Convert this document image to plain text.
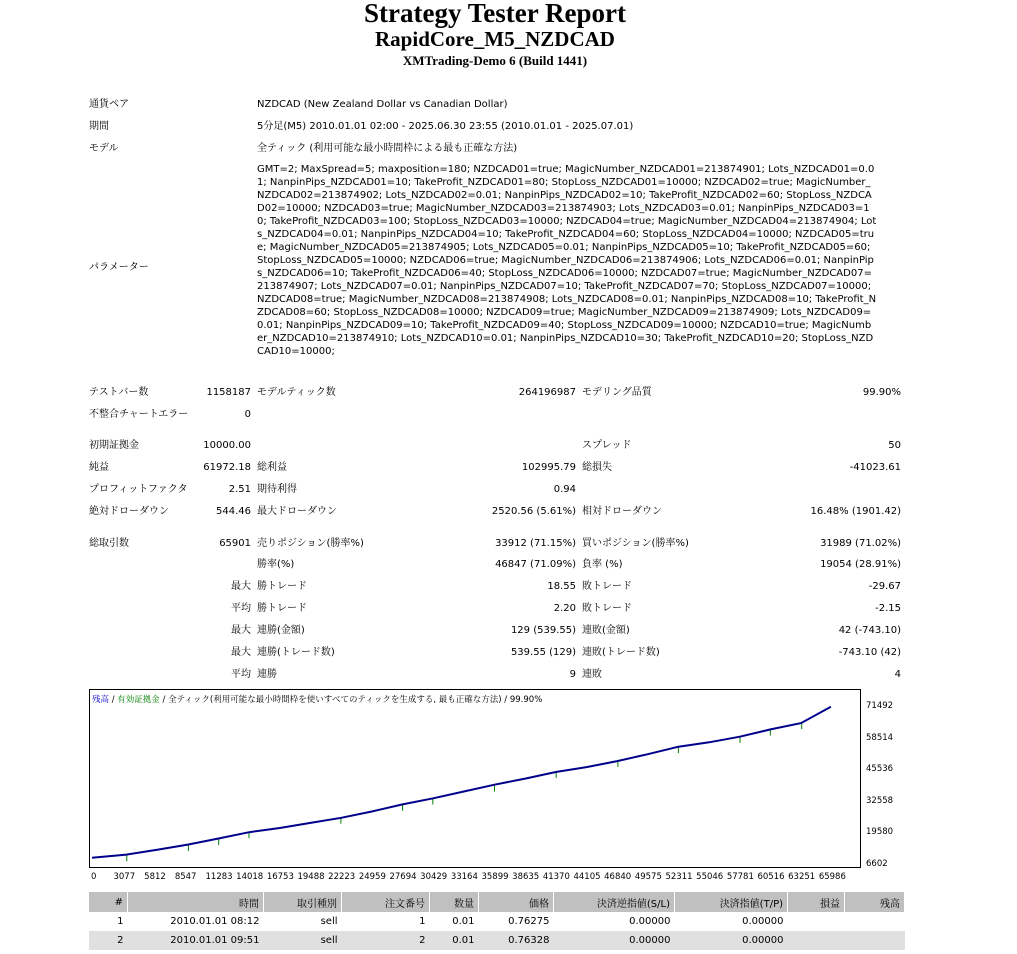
Strategy Tester Report
RapidCore_M5_NZDCAD
XMTrading-Demo 6 (Build 1441)
通貨ペア	NZDCAD (New Zealand Dollar vs Canadian Dollar)
期間	5分足(M5) 2010.01.01 02:00 - 2025.06.30 23:55 (2010.01.01 - 2025.07.01)
モデル	全ティック (利用可能な最小時間枠による最も正確な方法)
パラメーター
GMT=2; MaxSpread=5; maxposition=180; NZDCAD01=true; MagicNumber_NZDCAD01=213874901; Lots_NZDCAD01=0.01; NanpinPips_NZDCAD01=10; TakeProfit_NZDCAD01=80; StopLoss_NZDCAD01=10000; NZDCAD02=true; MagicNumber_NZDCAD02=213874902; Lots_NZDCAD02=0.01; NanpinPips_NZDCAD02=10; TakeProfit_NZDCAD02=60; StopLoss_NZDCAD02=10000; NZDCAD03=true; MagicNumber_NZDCAD03=213874903; Lots_NZDCAD03=0.01; NanpinPips_NZDCAD03=10; TakeProfit_NZDCAD03=100; StopLoss_NZDCAD03=10000; NZDCAD04=true; MagicNumber_NZDCAD04=213874904; Lots_NZDCAD04=0.01; NanpinPips_NZDCAD04=10; TakeProfit_NZDCAD04=60; StopLoss_NZDCAD04=10000; NZDCAD05=true; MagicNumber_NZDCAD05=213874905; Lots_NZDCAD05=0.01; NanpinPips_NZDCAD05=10; TakeProfit_NZDCAD05=60; StopLoss_NZDCAD05=10000; NZDCAD06=true; MagicNumber_NZDCAD06=213874906; Lots_NZDCAD06=0.01; NanpinPips_NZDCAD06=10; TakeProfit_NZDCAD06=40; StopLoss_NZDCAD06=10000; NZDCAD07=true; MagicNumber_NZDCAD07=213874907; Lots_NZDCAD07=0.01; NanpinPips_NZDCAD07=10; TakeProfit_NZDCAD07=70; StopLoss_NZDCAD07=10000; NZDCAD08=true; MagicNumber_NZDCAD08=213874908; Lots_NZDCAD08=0.01; NanpinPips_NZDCAD08=10; TakeProfit_NZDCAD08=60; StopLoss_NZDCAD08=10000; NZDCAD09=true; MagicNumber_NZDCAD09=213874909; Lots_NZDCAD09=0.01; NanpinPips_NZDCAD09=10; TakeProfit_NZDCAD09=40; StopLoss_NZDCAD09=10000; NZDCAD10=true; MagicNumber_NZDCAD10=213874910; Lots_NZDCAD10=0.01; NanpinPips_NZDCAD10=30; TakeProfit_NZDCAD10=20; StopLoss_NZDCAD10=10000;
テストバー数	1158187 モデルティック数	264196987 モデリング品質	99.90%
不整合チャートエラー	0
初期証拠金	10000.00	スプレッド	50
純益	61972.18 総利益	102995.79 総損失	-41023.61
プロフィットファクタ	2.51 期待利得	0.94
絶対ドローダウン	544.46 最大ドローダウン	2520.56 (5.61%) 相対ドローダウン	16.48% (1901.42)
総取引数	65901 売りポジション(勝率%)	33912 (71.15%) 買いポジション(勝率%)	31989 (71.02%)
勝率(%)	46847 (71.09%) 負率 (%)	19054 (28.91%)
最大 勝トレード	18.55 敗トレード	-29.67
平均 勝トレード	2.20 敗トレード	-2.15
最大 連勝(金額)	129 (539.55) 連敗(金額)	42 (-743.10)
最大 連勝(トレード数)	539.55 (129) 連敗(トレード数)	-743.10 (42)
平均 連勝	9 連敗	4
残高 / 有効証拠金 / 全ティック(利用可能な最小時間枠を使いすべてのティックを生成する, 最も正確な方法) / 99.90%
71492
58514
45536
32558
19580
6602
0 3077 5812 8547 11283 14018 16753 19488 22223 24959 27694 30429 33164 35899 38635 41370 44105 46840 49575 52311 55046 57781 60516 63251 65986
#	時間	取引種別	注文番号	数量	価格	決済逆指値(S/L)	決済指値(T/P)	損益	残高
1	2010.01.01 08:12	sell	1	0.01	0.76275	0.00000	0.00000		
2	2010.01.01 09:51	sell	2	0.01	0.76328	0.00000	0.00000		
